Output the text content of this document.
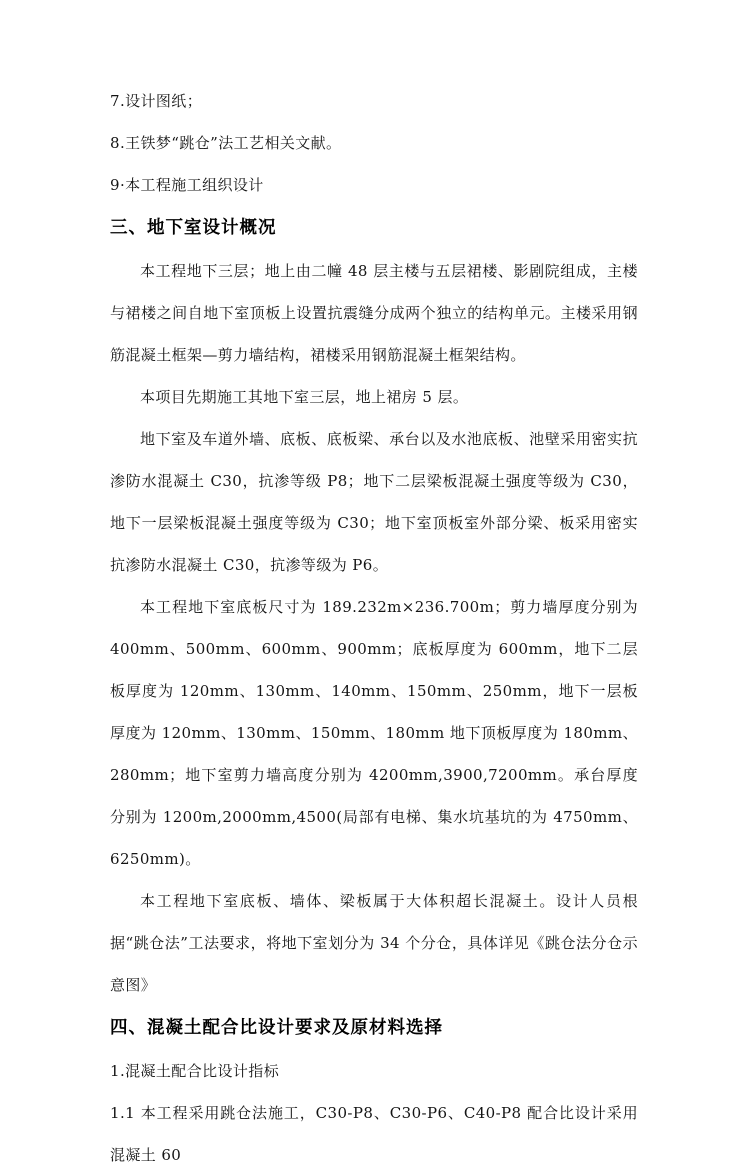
7.设计图纸；

8.王铁梦“跳仓”法工艺相关文献。

9·本工程施工组织设计

三、地下室设计概况

本工程地下三层；地上由二幢 48 层主楼与五层裙楼、影剧院组成，主楼与裙楼之间自地下室顶板上设置抗震缝分成两个独立的结构单元。主楼采用钢筋混凝土框架—剪力墙结构，裙楼采用钢筋混凝土框架结构。

本项目先期施工其地下室三层，地上裙房 5 层。

地下室及车道外墙、底板、底板梁、承台以及水池底板、池壁采用密实抗渗防水混凝土 C30，抗渗等级 P8；地下二层梁板混凝土强度等级为 C30，地下一层梁板混凝土强度等级为 C30；地下室顶板室外部分梁、板采用密实抗渗防水混凝土 C30，抗渗等级为 P6。

本工程地下室底板尺寸为 189.232m×236.700m；剪力墙厚度分别为 400mm、500mm、600mm、900mm；底板厚度为 600mm，地下二层板厚度为 120mm、130mm、140mm、150mm、250mm，地下一层板厚度为 120mm、130mm、150mm、180mm 地下顶板厚度为 180mm、280mm；地下室剪力墙高度分别为 4200mm,3900,7200mm。承台厚度分别为 1200m,2000mm,4500(局部有电梯、集水坑基坑的为 4750mm、6250mm)。

本工程地下室底板、墙体、梁板属于大体积超长混凝土。设计人员根据“跳仓法”工法要求，将地下室划分为 34 个分仓，具体详见《跳仓法分仓示意图》

四、混凝土配合比设计要求及原材料选择

1.混凝土配合比设计指标

1.1 本工程采用跳仓法施工，C30-P8、C30-P6、C40-P8 配合比设计采用混凝土 60
